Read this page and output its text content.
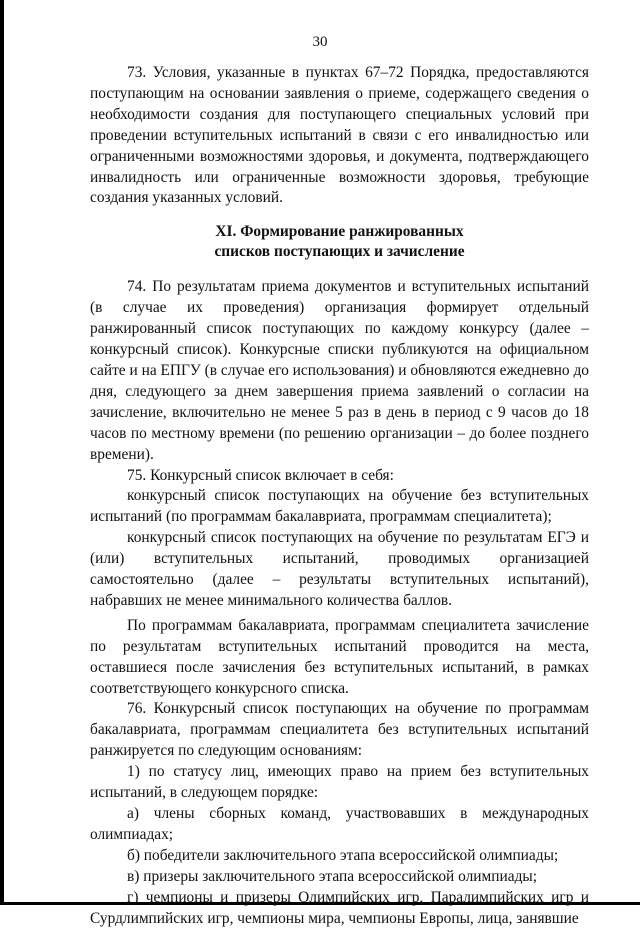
30

73. Условия, указанные в пунктах 67–72 Порядка, предоставляются поступающим на основании заявления о приеме, содержащего сведения о необходимости создания для поступающего специальных условий при проведении вступительных испытаний в связи с его инвалидностью или ограниченными возможностями здоровья, и документа, подтверждающего инвалидность или ограниченные возможности здоровья, требующие создания указанных условий.

XI. Формирование ранжированных
списков поступающих и зачисление

74. По результатам приема документов и вступительных испытаний (в случае их проведения) организация формирует отдельный ранжированный список поступающих по каждому конкурсу (далее – конкурсный список). Конкурсные списки публикуются на официальном сайте и на ЕПГУ (в случае его использования) и обновляются ежедневно до дня, следующего за днем завершения приема заявлений о согласии на зачисление, включительно не менее 5 раз в день в период с 9 часов до 18 часов по местному времени (по решению организации – до более позднего времени).

75. Конкурсный список включает в себя:

конкурсный список поступающих на обучение без вступительных испытаний (по программам бакалавриата, программам специалитета);

конкурсный список поступающих на обучение по результатам ЕГЭ и (или) вступительных испытаний, проводимых организацией самостоятельно (далее – результаты вступительных испытаний), набравших не менее минимального количества баллов.

По программам бакалавриата, программам специалитета зачисление по результатам вступительных испытаний проводится на места, оставшиеся после зачисления без вступительных испытаний, в рамках соответствующего конкурсного списка.

76. Конкурсный список поступающих на обучение по программам бакалавриата, программам специалитета без вступительных испытаний ранжируется по следующим основаниям:

1) по статусу лиц, имеющих право на прием без вступительных испытаний, в следующем порядке:

а) члены сборных команд, участвовавших в международных олимпиадах;

б) победители заключительного этапа всероссийской олимпиады;

в) призеры заключительного этапа всероссийской олимпиады;

г) чемпионы и призеры Олимпийских игр, Паралимпийских игр и Сурдлимпийских игр, чемпионы мира, чемпионы Европы, лица, занявшие
